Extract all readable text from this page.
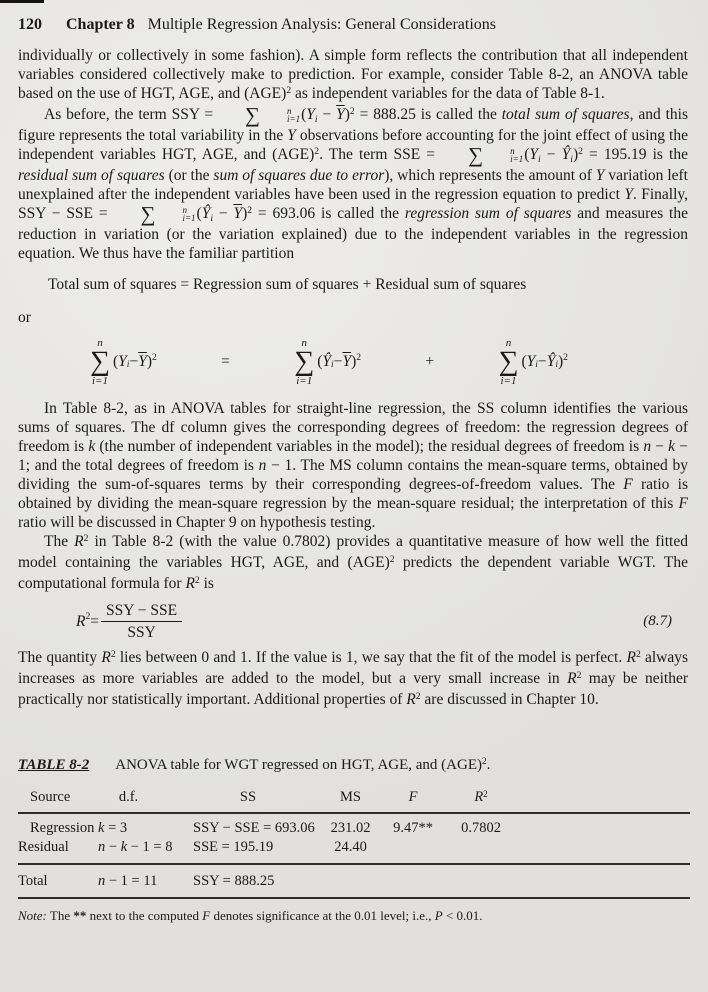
120 Chapter 8 Multiple Regression Analysis: General Considerations

individually or collectively in some fashion). A simple form reflects the contribution that all independent variables considered collectively make to prediction. For example, consider Table 8-2, an ANOVA table based on the use of HGT, AGE, and (AGE)$^2$ as independent variables for the data of Table 8-1.

As before, the term SSY =	∑	n
i=1 $(Yi - \overline{Y})^2 = 888.25$ is called the total sum of squares, and this figure represents the total variability in the Y observations before accounting for the joint effect of using the independent variables HGT, AGE, and (AGE)$^2$. The term SSE =	∑	n
i=1 (Yi − Ŷi)$^2$ = 195.19 is the residual sum of squares (or the sum of squares due to error), which represents the amount of Y variation left unexplained after the independent variables have been used in the regression equation to predict Y. Finally, SSY − SSE =	∑	n
i=1 (Ŷi − $\overline{Y})^2 = 693.06$ is called the regression sum of squares and measures the reduction in variation (or the variation explained) due to the independent variables in the regression equation. We thus have the familiar partition

Total sum of squares = Regression sum of squares + Residual sum of squares
or
n
∑
i=1
( Y $i - \overline{Y}$ ) 2	=
n
∑
i=1
( Ŷ $i - \overline{Y}$ ) 2	+
n
∑
i=1
( Y i − Ŷ i ) 2

In Table 8-2, as in ANOVA tables for straight-line regression, the SS column identifies the various sums of squares. The df column gives the corresponding degrees of freedom: the regression degrees of freedom is k (the number of independent variables in the model); the residual degrees of freedom is n − k − 1; and the total degrees of freedom is n − 1. The MS column contains the mean-square terms, obtained by dividing the sum-of-squares terms by their corresponding degrees-of-freedom values. The F ratio is obtained by dividing the mean-square regression by the mean-square residual; the interpretation of this F ratio will be discussed in Chapter 9 on hypothesis testing.

The $R^2$ in Table 8-2 (with the value 0.7802) provides a quantitative measure of how well the fitted model containing the variables HGT, AGE, and (AGE)$^2$ predicts the dependent variable WGT. The computational formula for $R^2$ is

R $2 = \frac{\text{SSY − SSE}}{\text{SSY}}$	(8.7)

The quantity $R^2$ lies between 0 and 1. If the value is 1, we say that the fit of the model is perfect. $R^2$ always increases as more variables are added to the model, but a very small increase in $R^2$ may be neither practically nor statistically important. Additional properties of $R^2$ are discussed in Chapter 10.

TABLE 8-2 ANOVA table for WGT regressed on HGT, AGE, and (AGE)$^2$.
Source	d.f.	SS	MS	F	$R^2$
Regression k = 3	SSY − SSE = 693.06	231.02	9.47**	0.7802
Residual	n − k − 1 = 8	SSE = 195.19	24.40
Total	n − 1 = 11	SSY = 888.25
Note: The ** next to the computed F denotes significance at the 0.01 level; i.e., P < 0.01.
